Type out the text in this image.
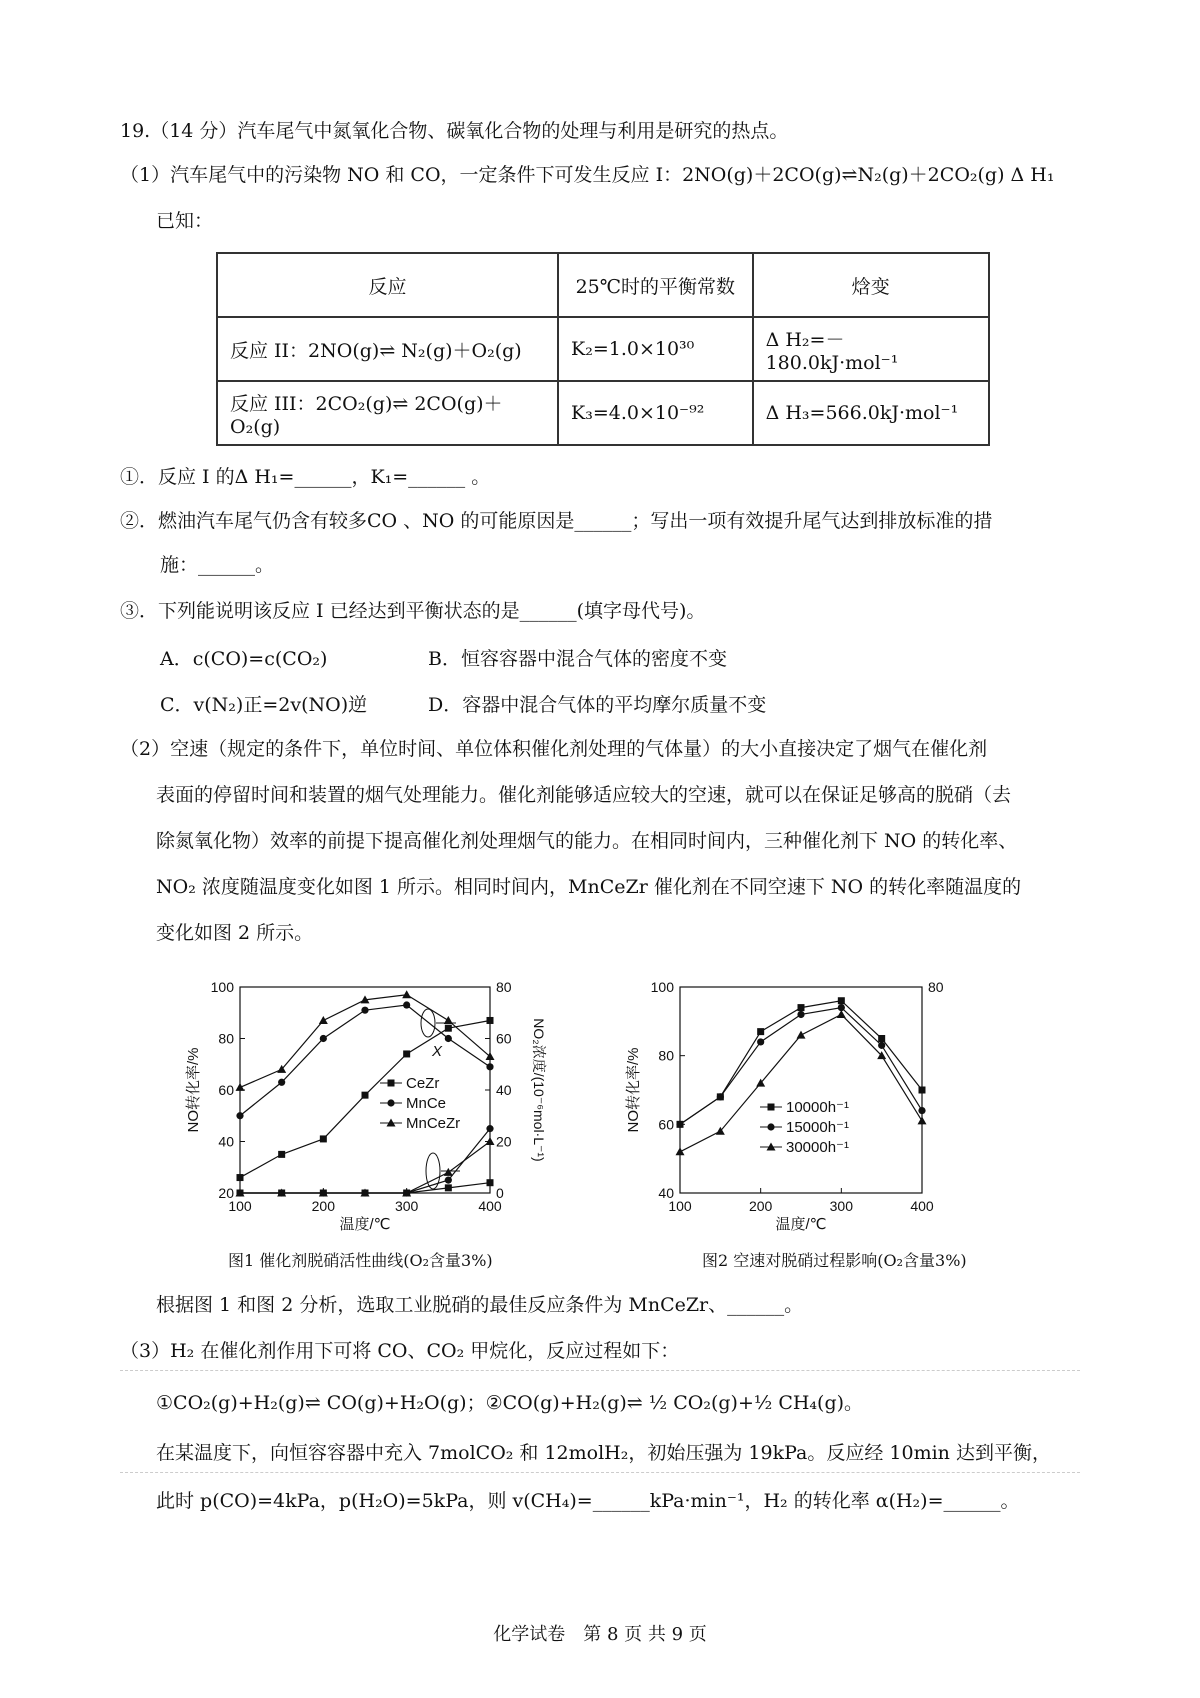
19.（14 分）汽车尾气中氮氧化合物、碳氧化合物的处理与利用是研究的热点。
（1）汽车尾气中的污染物 NO 和 CO，一定条件下可发生反应 I：2NO(g)＋2CO(g)⇌N₂(g)＋2CO₂(g) Δ H₁
已知：
反应	25℃时的平衡常数	焓变
反应 II：2NO(g)⇌ N₂(g)＋O₂(g)	K₂=1.0×10³⁰	Δ H₂=－180.0kJ·mol⁻¹
反应 III：2CO₂(g)⇌ 2CO(g)＋O₂(g)	K₃=4.0×10⁻⁹²	Δ H₃=566.0kJ·mol⁻¹
①．反应 I 的Δ H₁=______，K₁=______ 。
②．燃油汽车尾气仍含有较多CO 、NO 的可能原因是______；写出一项有效提升尾气达到排放标准的措
施：______。
③．下列能说明该反应 I 已经达到平衡状态的是______(填字母代号)。
A．c(CO)=c(CO₂)	B．恒容容器中混合气体的密度不变
C．v(N₂)正=2v(NO)逆	D．容器中混合气体的平均摩尔质量不变
（2）空速（规定的条件下，单位时间、单位体积催化剂处理的气体量）的大小直接决定了烟气在催化剂
表面的停留时间和装置的烟气处理能力。催化剂能够适应较大的空速，就可以在保证足够高的脱硝（去
除氮氧化物）效率的前提下提高催化剂处理烟气的能力。在相同时间内，三种催化剂下 NO 的转化率、
NO₂ 浓度随温度变化如图 1 所示。相同时间内，MnCeZr 催化剂在不同空速下 NO 的转化率随温度的
变化如图 2 所示。
100	200	300	400
20
40
60
80
100
0
20
40
60
80
温度/℃
NO转化率/%	NO₂浓度/(10⁻⁶mol·L⁻¹)
CeZr
MnCe
MnCeZr
X
图1 催化剂脱硝活性曲线(O₂含量3%)
100	200	300	400
40
60
80
100	80
温度/℃
NO转化率/%	10000h⁻¹
15000h⁻¹
30000h⁻¹
图2 空速对脱硝过程影响(O₂含量3%)
根据图 1 和图 2 分析，选取工业脱硝的最佳反应条件为 MnCeZr、______。
（3）H₂ 在催化剂作用下可将 CO、CO₂ 甲烷化，反应过程如下：
①CO₂(g)+H₂(g)⇌ CO(g)+H₂O(g)；②CO(g)+H₂(g)⇌ ½ CO₂(g)+½ CH₄(g)。
在某温度下，向恒容容器中充入 7molCO₂ 和 12molH₂，初始压强为 19kPa。反应经 10min 达到平衡，
此时 p(CO)=4kPa，p(H₂O)=5kPa，则 v(CH₄)=______kPa·min⁻¹，H₂ 的转化率 α(H₂)=______。
化学试卷　第 8 页 共 9 页
